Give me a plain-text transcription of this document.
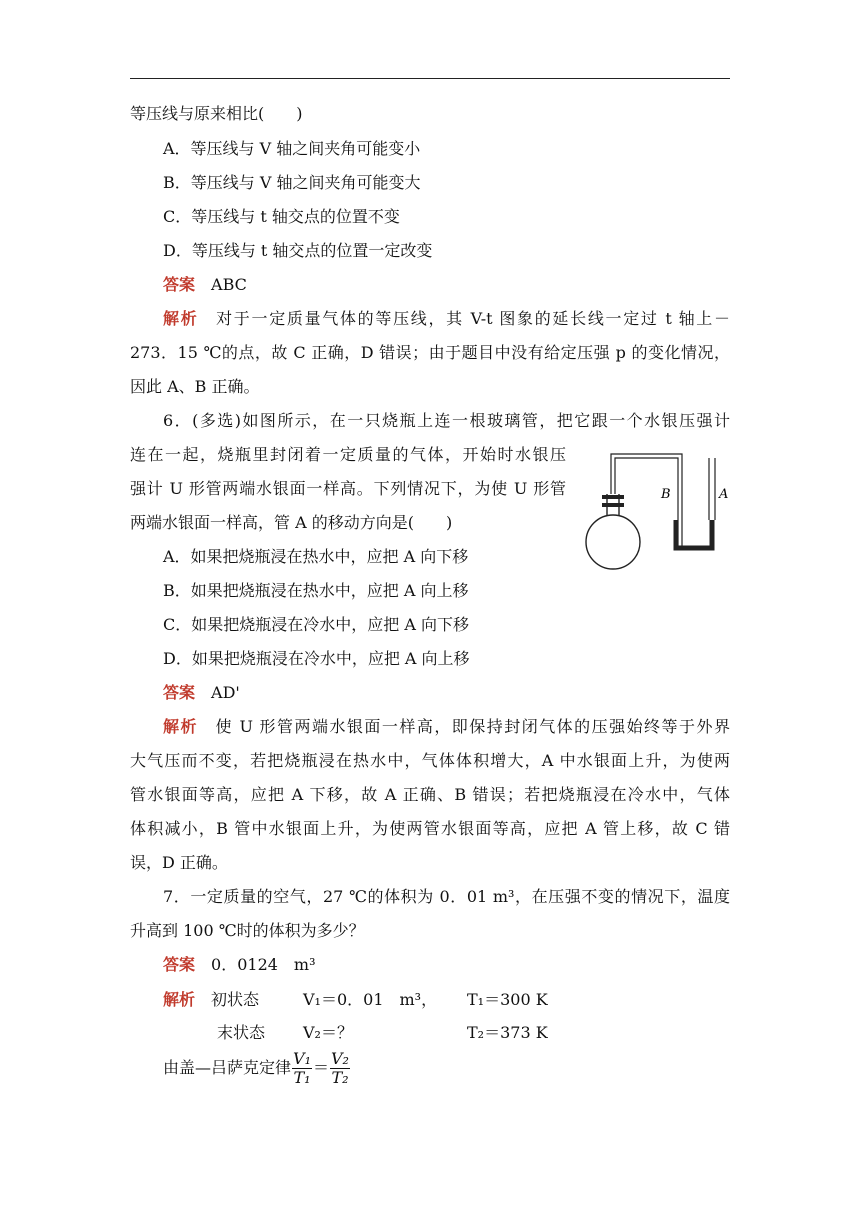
等压线与原来相比(　　)
A．等压线与 V 轴之间夹角可能变小
B．等压线与 V 轴之间夹角可能变大
C．等压线与 t 轴交点的位置不变
D．等压线与 t 轴交点的位置一定改变
答案　 ABC
解析　 对于一定质量气体的等压线，其 V-t 图象的延长线一定过 t 轴上－
273．15 ℃的点，故 C 正确，D 错误；由于题目中没有给定压强 p 的变化情况，
因此 A、B 正确。
6．(多选)如图所示，在一只烧瓶上连一根玻璃管，把它跟一个水银压强计
连在一起，烧瓶里封闭着一定质量的气体，开始时水银压
强计 U 形管两端水银面一样高。下列情况下，为使 U 形管
两端水银面一样高，管 A 的移动方向是(　　)
A．如果把烧瓶浸在热水中，应把 A 向下移
B．如果把烧瓶浸在热水中，应把 A 向上移
C．如果把烧瓶浸在冷水中，应把 A 向下移
D．如果把烧瓶浸在冷水中，应把 A 向上移
B	A
答案　 AD'
解析　 使 U 形管两端水银面一样高，即保持封闭气体的压强始终等于外界
大气压而不变，若把烧瓶浸在热水中，气体体积增大，A 中水银面上升，为使两
管水银面等高，应把 A 下移，故 A 正确、B 错误；若把烧瓶浸在冷水中，气体
体积减小，B 管中水银面上升，为使两管水银面等高，应把 A 管上移，故 C 错
误，D 正确。
7．一定质量的空气，27 ℃的体积为 0．01 m³，在压强不变的情况下，温度
升高到 100 ℃时的体积为多少？
答案　 0．0124　m³
解析　 初状态	V₁＝0．01　m³， T₁＝300 K
末状态 V₂＝？	T₂＝373 K
由盖—吕萨克定律 $\frac{\text{V₁}}{\text{T₁}} = \frac{\text{V₂}}{\text{T₂}}$
